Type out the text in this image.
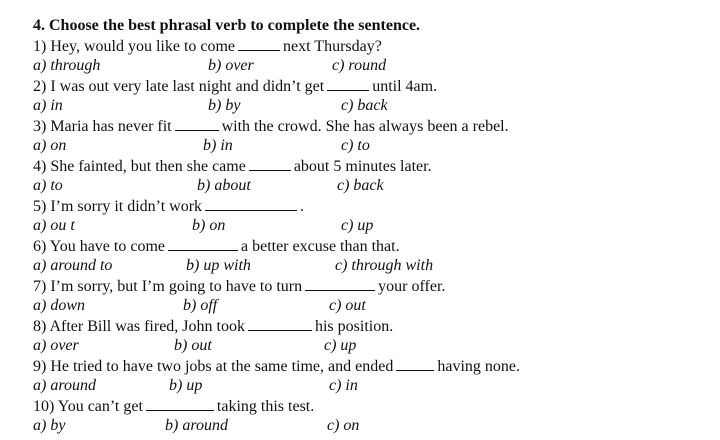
4. Choose the best phrasal verb to complete the sentence.
1) Hey, would you like to come	next Thursday?
a) through	b) over	c) round
2) I was out very late last night and didn’t get	until 4am.
a) in	b) by	c) back
3) Maria has never fit	with the crowd. She has always been a rebel.
a) on	b) in	c) to
4) She fainted, but then she came	about 5 minutes later.
a) to	b) about	c) back
5) I’m sorry it didn’t work	.
a) ou t	b) on	c) up
6) You have to come	a better excuse than that.
a) around to	b) up with	c) through with
7) I’m sorry, but I’m going to have to turn	your offer.
a) down	b) off	c) out
8) After Bill was fired, John took	his position.
a) over	b) out	c) up
9) He tried to have two jobs at the same time, and ended	having none.
a) around	b) up	c) in
10) You can’t get	taking this test.
a) by	b) around	c) on
